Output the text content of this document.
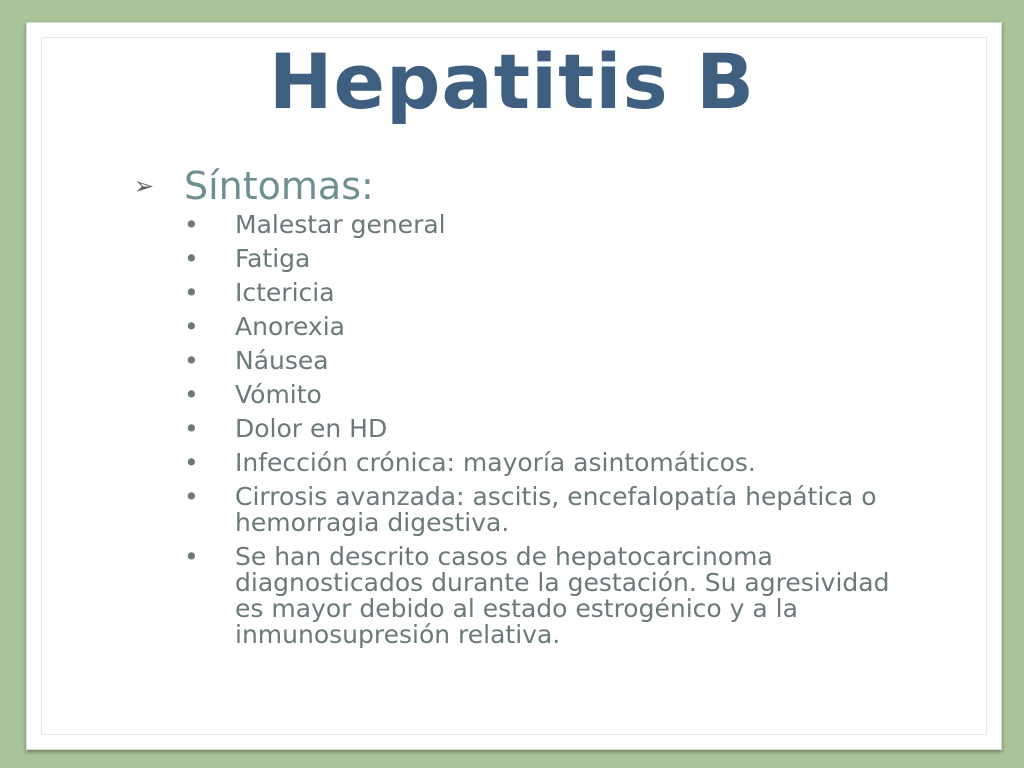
Hepatitis B
➢ Síntomas:
•	Malestar general
•	Fatiga
•	Ictericia
•	Anorexia
•	Náusea
•	Vómito
•	Dolor en HD
•	Infección crónica: mayoría asintomáticos.
•	Cirrosis avanzada: ascitis, encefalopatía hepática o hemorragia digestiva.
•	Se han descrito casos de hepatocarcinoma diagnosticados durante la gestación. Su agresividad es mayor debido al estado estrogénico y a la inmunosupresión relativa.
